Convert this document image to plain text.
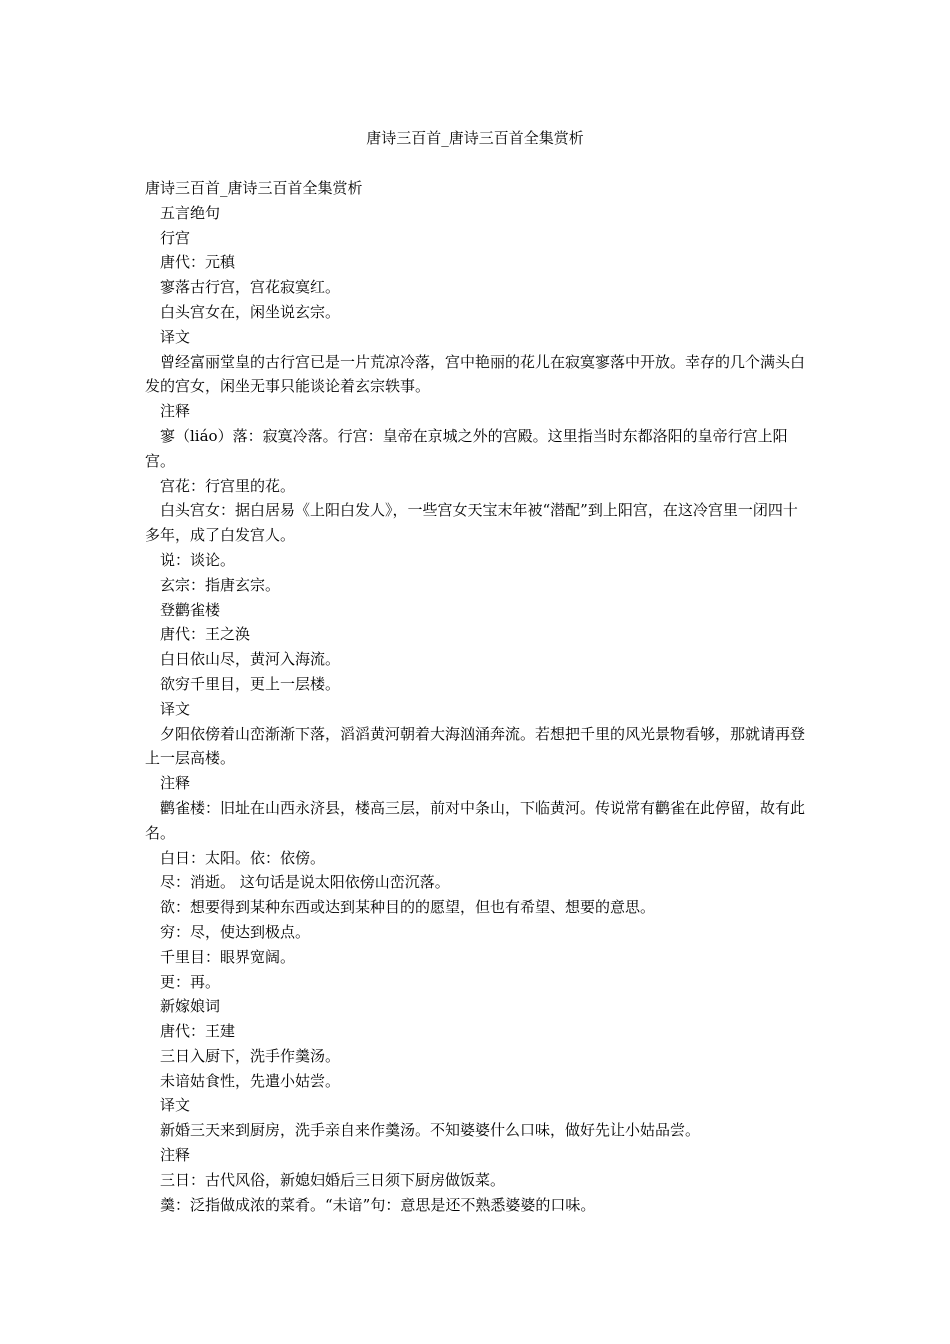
唐诗三百首_唐诗三百首全集赏析

唐诗三百首_唐诗三百首全集赏析

五言绝句

行宫

唐代：元稹

寥落古行宫，宫花寂寞红。

白头宫女在，闲坐说玄宗。

译文

曾经富丽堂皇的古行宫已是一片荒凉冷落，宫中艳丽的花儿在寂寞寥落中开放。幸存的几个满头白发的宫女，闲坐无事只能谈论着玄宗轶事。

注释

寥（liáo）落：寂寞冷落。行宫：皇帝在京城之外的宫殿。这里指当时东都洛阳的皇帝行宫上阳宫。

宫花：行宫里的花。

白头宫女：据白居易《上阳白发人》，一些宫女天宝末年被“潜配”到上阳宫，在这冷宫里一闭四十多年，成了白发宫人。

说：谈论。

玄宗：指唐玄宗。

登鹳雀楼

唐代：王之涣

白日依山尽，黄河入海流。

欲穷千里目，更上一层楼。

译文

夕阳依傍着山峦渐渐下落，滔滔黄河朝着大海汹涌奔流。若想把千里的风光景物看够，那就请再登上一层高楼。

注释

鹳雀楼：旧址在山西永济县，楼高三层，前对中条山，下临黄河。传说常有鹳雀在此停留，故有此名。

白日：太阳。依：依傍。

尽：消逝。 这句话是说太阳依傍山峦沉落。

欲：想要得到某种东西或达到某种目的的愿望，但也有希望、想要的意思。

穷：尽，使达到极点。

千里目：眼界宽阔。

更：再。

新嫁娘词

唐代：王建

三日入厨下，洗手作羹汤。

未谙姑食性，先遣小姑尝。

译文

新婚三天来到厨房，洗手亲自来作羹汤。不知婆婆什么口味，做好先让小姑品尝。

注释

三日：古代风俗，新媳妇婚后三日须下厨房做饭菜。

羹：泛指做成浓的菜肴。“未谙”句：意思是还不熟悉婆婆的口味。
